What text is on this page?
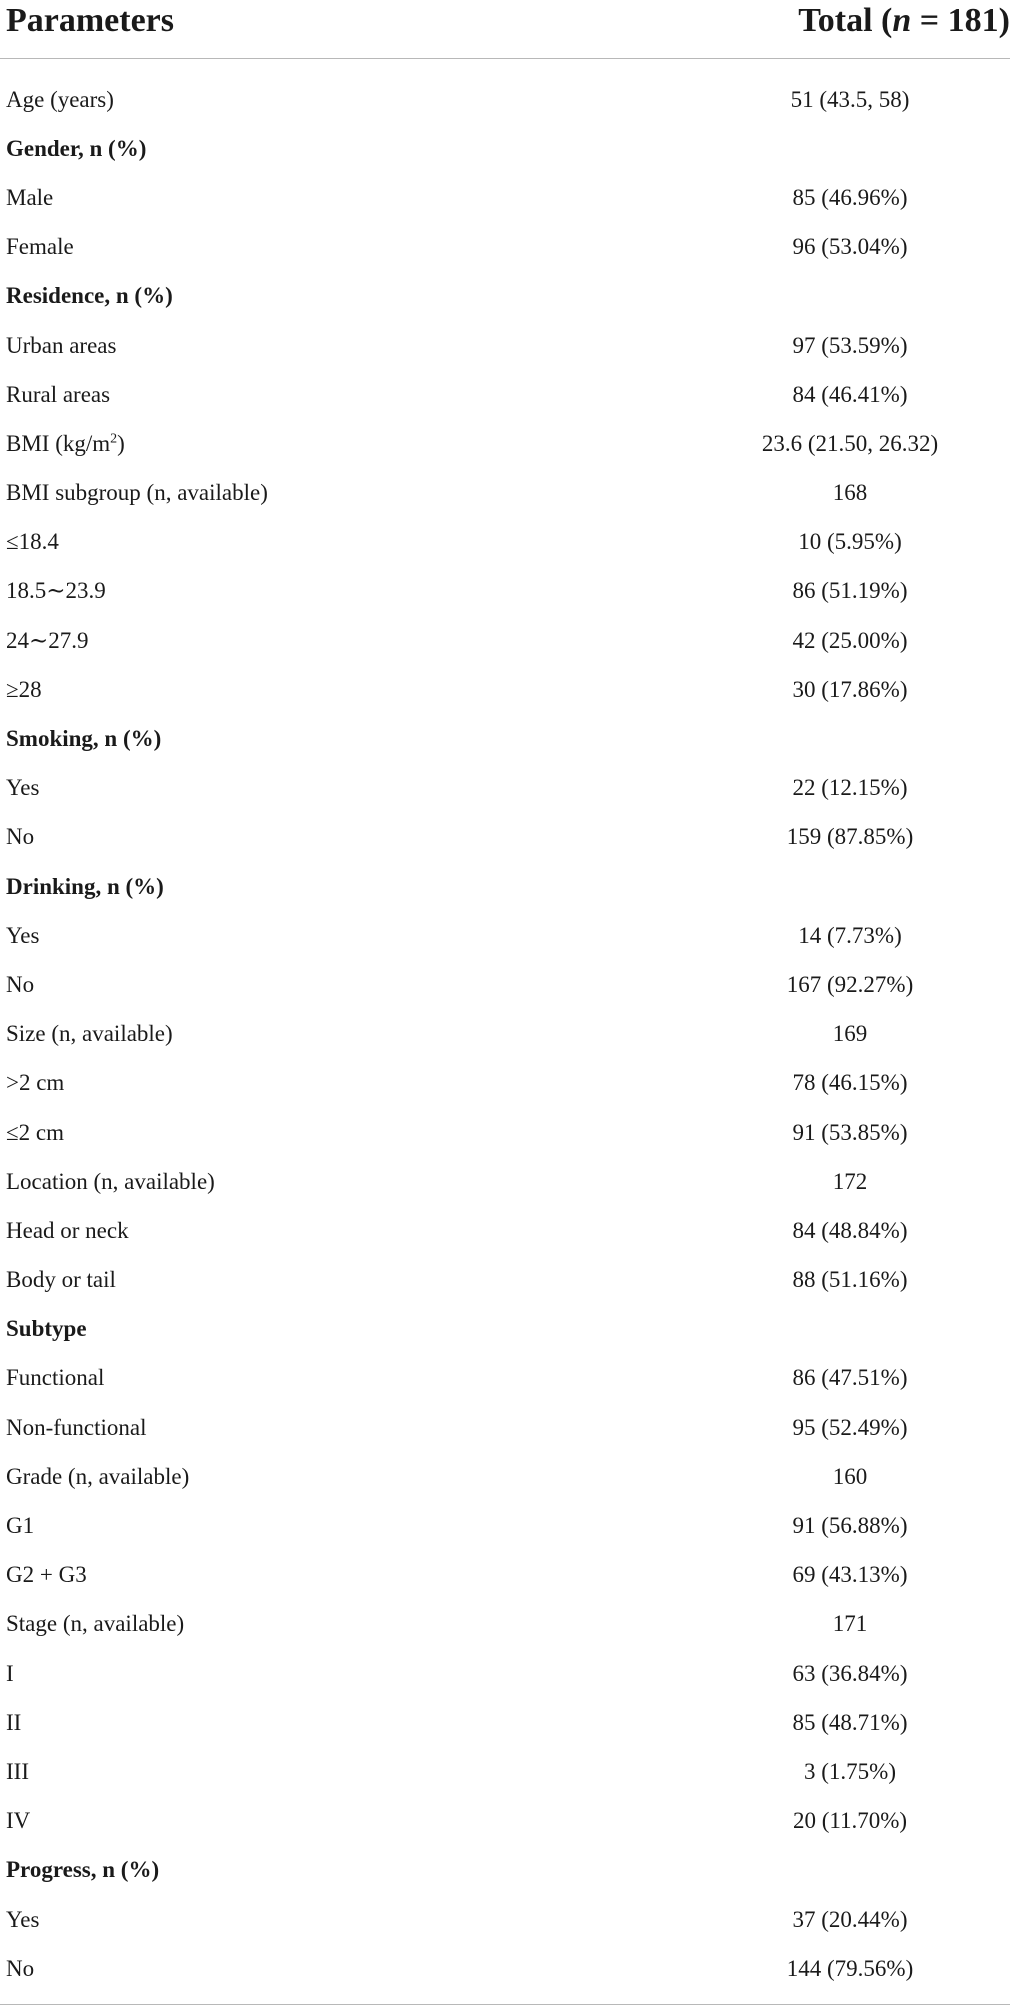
Parameters	Total (n = 181)
Age (years)	51 (43.5, 58)
Gender, n (%)
Male	85 (46.96%)
Female	96 (53.04%)
Residence, n (%)
Urban areas	97 (53.59%)
Rural areas	84 (46.41%)
BMI $(kg/m^2)$	23.6 (21.50, 26.32)
BMI subgroup (n, available)	168
≤18.4	10 (5.95%)
18.5∼23.9	86 (51.19%)
24∼27.9	42 (25.00%)
≥28	30 (17.86%)
Smoking, n (%)
Yes	22 (12.15%)
No	159 (87.85%)
Drinking, n (%)
Yes	14 (7.73%)
No	167 (92.27%)
Size (n, available)	169
>2 cm	78 (46.15%)
≤2 cm	91 (53.85%)
Location (n, available)	172
Head or neck	84 (48.84%)
Body or tail	88 (51.16%)
Subtype
Functional	86 (47.51%)
Non-functional	95 (52.49%)
Grade (n, available)	160
G1	91 (56.88%)
G2 + G3	69 (43.13%)
Stage (n, available)	171
I	63 (36.84%)
II	85 (48.71%)
III	3 (1.75%)
IV	20 (11.70%)
Progress, n (%)
Yes	37 (20.44%)
No	144 (79.56%)
